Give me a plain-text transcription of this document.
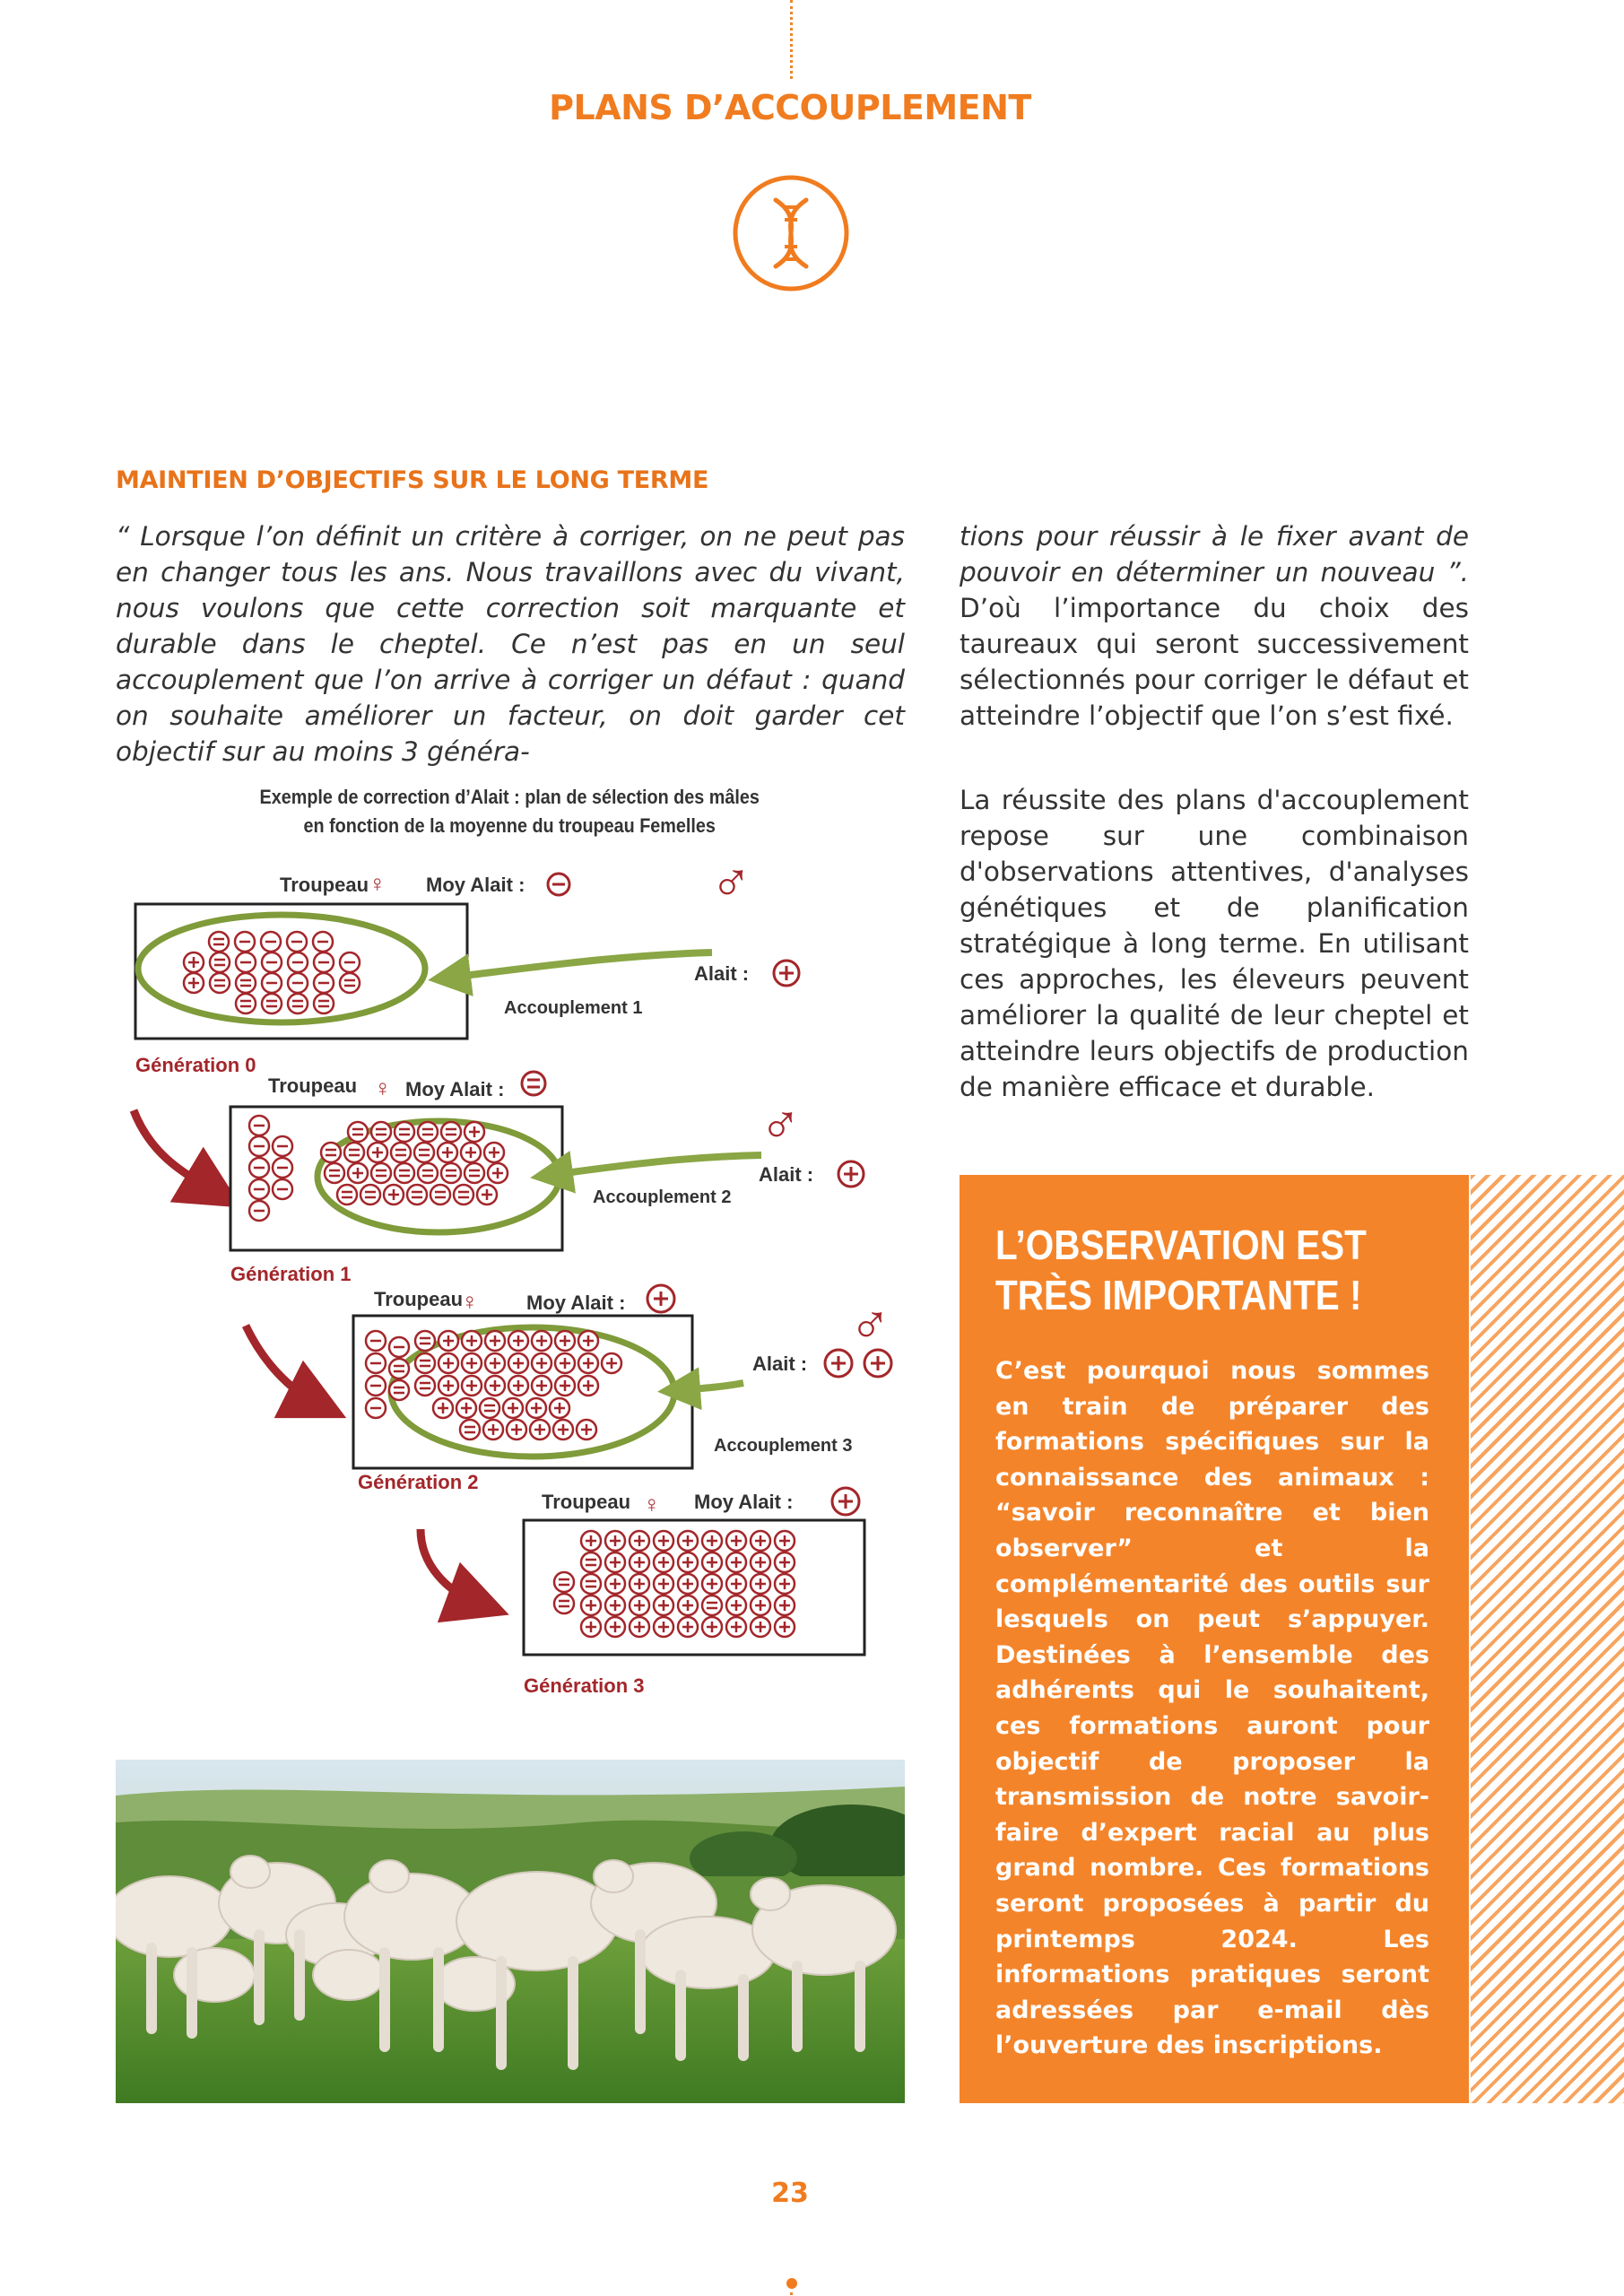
PLANS D’ACCOUPLEMENT
MAINTIEN D’OBJECTIFS SUR LE LONG TERME
“ Lorsque l’on définit un critère à corriger, on ne peut pas en changer tous les ans. Nous travaillons avec du vivant, nous voulons que cette correction soit marquante et durable dans le cheptel. Ce n’est pas en un seul accouplement que l’on arrive à corriger un défaut : quand on souhaite améliorer un facteur, on doit garder cet objectif sur au moins 3 généra-
tions pour réussir à le fixer avant de pouvoir en déterminer un nouveau ”. D’où l’importance du choix des taureaux qui seront successivement sélectionnés pour corriger le défaut et atteindre l’objectif que l’on s’est fixé.
La réussite des plans d'accouplement repose sur une combinaison d'observations attentives, d'analyses génétiques et de planification stratégique à long terme. En utilisant ces approches, les éleveurs peuvent améliorer la qualité de leur cheptel et atteindre leurs objectifs de production de manière efficace et durable.
Exemple de correction d’Alait : plan de sélection des mâles
en fonction de la moyenne du troupeau Femelles
Troupeau ♀ Moy Alait :	♂
Alait :
Accouplement 1
Génération 0
Troupeau ♀ Moy Alait :
♂
Alait :
Accouplement 2
Génération 1
Troupeau
♀ Moy Alait :	♂
Alait :
Accouplement 3
Génération 2
Troupeau ♀ Moy Alait :
Génération 3
L’OBSERVATION EST
TRÈS IMPORTANTE !
C’est pourquoi nous sommes en train de préparer des formations spécifiques sur la connaissance des animaux : “savoir reconnaître et bien observer” et la complémentarité des outils sur lesquels on peut s’appuyer. Destinées à l’ensemble des adhérents qui le souhaitent, ces formations auront pour objectif de proposer la transmission de notre savoir-faire d’expert racial au plus grand nombre. Ces formations seront proposées à partir du printemps 2024. Les informations pratiques seront adressées par e-mail dès l’ouverture des inscriptions.
23
